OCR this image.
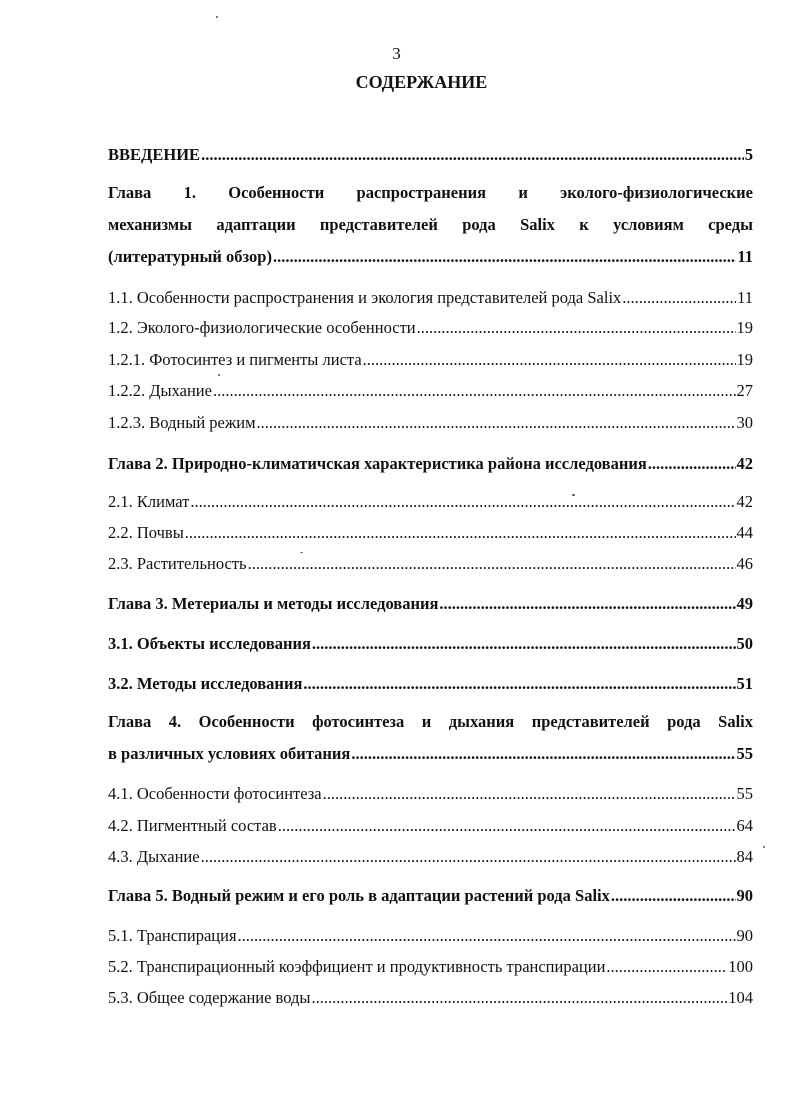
3
СОДЕРЖАНИЕ
ВВЕДЕНИЕ .....	5
Глава 1. Особенности распространения и эколого-физиологические
механизмы адаптации представителей рода Salix к условиям среды
(литературный обзор) .....	11
1.1. Особенности распространения и экология представителей рода Salix .....	11
1.2. Эколого-физиологические особенности .....	19
1.2.1. Фотосинтез и пигменты листа .....	19
1.2.2. Дыхание .....	27
1.2.3. Водный режим .....	30
Глава 2. Природно-климатичская характеристика района исследования .....	42
2.1. Климат .....	42
2.2. Почвы .....	44
2.3. Растительность .....	46
Глава 3. Метериалы и методы исследования .....	49
3.1. Объекты исследования .....	50
3.2. Методы исследования .....	51
Глава 4. Особенности фотосинтеза и дыхания представителей рода Salix
в различных условиях обитания .....	55
4.1. Особенности фотосинтеза .....	55
4.2. Пигментный состав .....	64
4.3. Дыхание .....	84
Глава 5. Водный режим и его роль в адаптации растений рода Salix .....	90
5.1. Транспирация .....	90
5.2. Транспирационный коэффициент и продуктивность транспирации .....	100
5.3. Общее содержание воды .....	104
